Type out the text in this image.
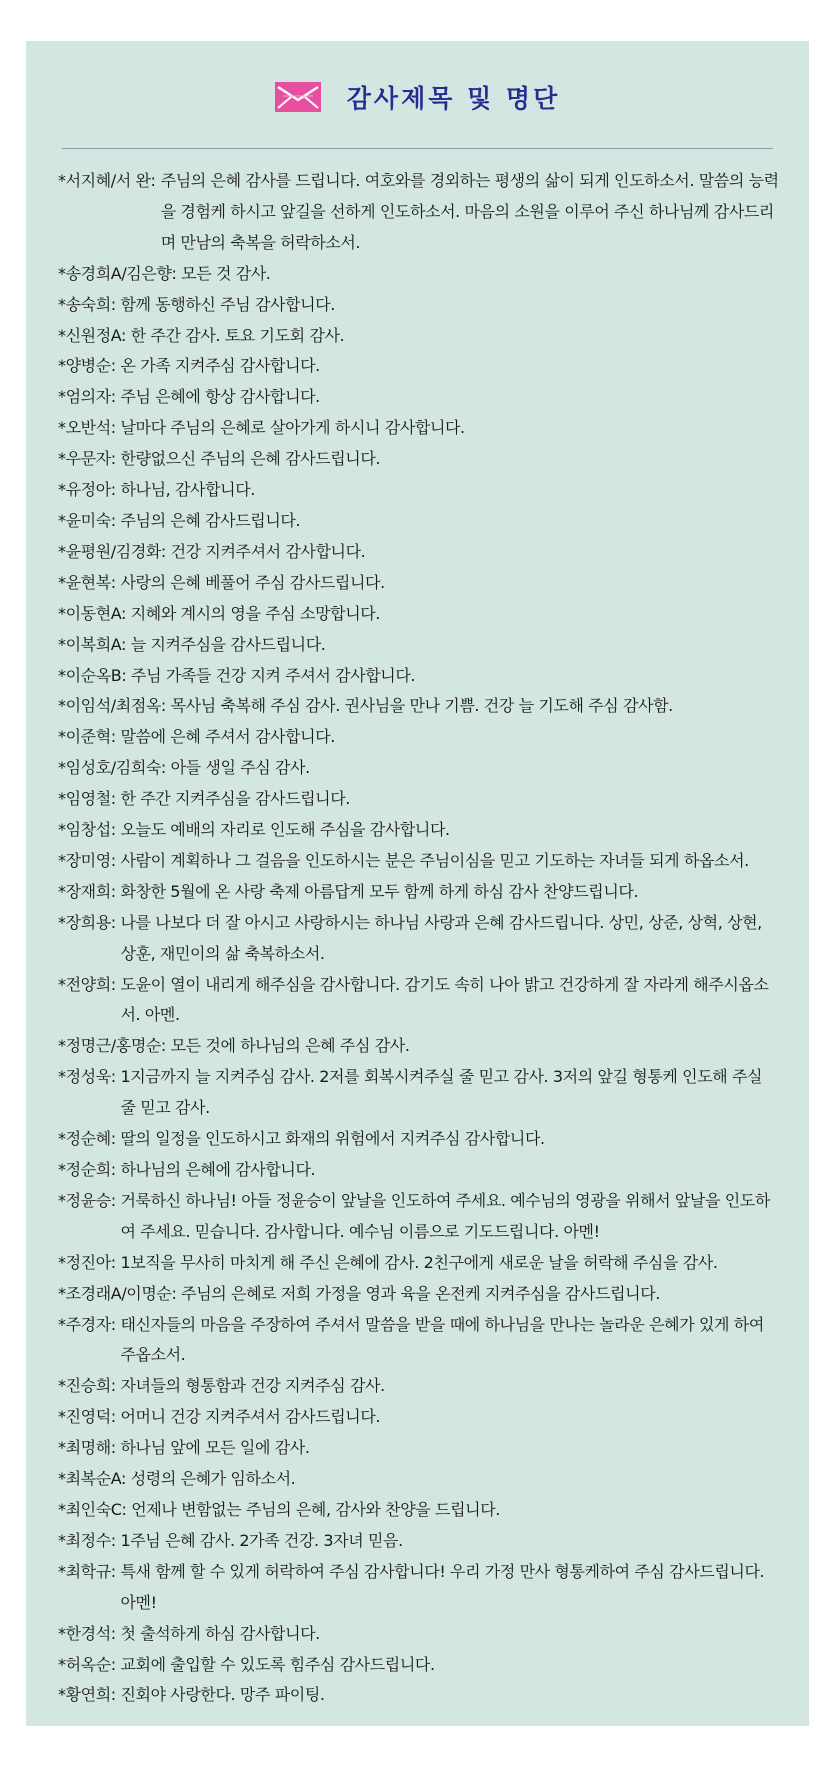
감사제목 및 명단
*서지혜/서 완:
주님의 은혜 감사를 드립니다. 여호와를 경외하는 평생의 삶이 되게 인도하소서. 말씀의 능력을 경험케 하시고 앞길을 선하게 인도하소서. 마음의 소원을 이루어 주신 하나님께 감사드리며 만남의 축복을 허락하소서.
*송경희A/김은향:
모든 것 감사.
*송숙희:
함께 동행하신 주님 감사합니다.
*신원정A:
한 주간 감사. 토요 기도회 감사.
*양병순:
온 가족 지켜주심 감사합니다.
*엄의자:
주님 은혜에 항상 감사합니다.
*오반석:
날마다 주님의 은혜로 살아가게 하시니 감사합니다.
*우문자:
한량없으신 주님의 은혜 감사드립니다.
*유정아:
하나님, 감사합니다.
*윤미숙:
주님의 은혜 감사드립니다.
*윤평원/김경화:
건강 지켜주셔서 감사합니다.
*윤현복:
사랑의 은혜 베풀어 주심 감사드립니다.
*이동현A:
지혜와 계시의 영을 주심 소망합니다.
*이복희A:
늘 지켜주심을 감사드립니다.
*이순옥B:
주님 가족들 건강 지켜 주셔서 감사합니다.
*이임석/최점옥:
목사님 축복해 주심 감사. 권사님을 만나 기쁨. 건강 늘 기도해 주심 감사함.
*이준혁:
말씀에 은혜 주셔서 감사합니다.
*임성호/김희숙:
아들 생일 주심 감사.
*임영철:
한 주간 지켜주심을 감사드립니다.
*임창섭:
오늘도 예배의 자리로 인도해 주심을 감사합니다.
*장미영:
사람이 계획하나 그 걸음을 인도하시는 분은 주님이심을 믿고 기도하는 자녀들 되게 하옵소서.
*장재희:
화창한 5월에 온 사랑 축제 아름답게 모두 함께 하게 하심 감사 찬양드립니다.
*장희용:
나를 나보다 더 잘 아시고 사랑하시는 하나님 사랑과 은혜 감사드립니다. 상민, 상준, 상혁, 상현, 상훈, 재민이의 삶 축복하소서.
*전양희:
도윤이 열이 내리게 해주심을 감사합니다. 감기도 속히 나아 밝고 건강하게 잘 자라게 해주시옵소서. 아멘.
*정명근/홍명순:
모든 것에 하나님의 은혜 주심 감사.
*정성욱:
1지금까지 늘 지켜주심 감사. 2저를 회복시켜주실 줄 믿고 감사. 3저의 앞길 형통케 인도해 주실 줄 믿고 감사.
*정순혜:
딸의 일정을 인도하시고 화재의 위험에서 지켜주심 감사합니다.
*정순희:
하나님의 은혜에 감사합니다.
*정윤승:
거룩하신 하나님! 아들 정윤승이 앞날을 인도하여 주세요. 예수님의 영광을 위해서 앞날을 인도하여 주세요. 믿습니다. 감사합니다. 예수님 이름으로 기도드립니다. 아멘!
*정진아:
1보직을 무사히 마치게 해 주신 은혜에 감사. 2친구에게 새로운 날을 허락해 주심을 감사.
*조경래A/이명순:
주님의 은혜로 저희 가정을 영과 육을 온전케 지켜주심을 감사드립니다.
*주경자:
태신자들의 마음을 주장하여 주셔서 말씀을 받을 때에 하나님을 만나는 놀라운 은혜가 있게 하여 주옵소서.
*진승희:
자녀들의 형통함과 건강 지켜주심 감사.
*진영덕:
어머니 건강 지켜주셔서 감사드립니다.
*최명해:
하나님 앞에 모든 일에 감사.
*최복순A:
성령의 은혜가 임하소서.
*최인숙C:
언제나 변함없는 주님의 은혜, 감사와 찬양을 드립니다.
*최정수:
1주님 은혜 감사. 2가족 건강. 3자녀 믿음.
*최학규:
특새 함께 할 수 있게 허락하여 주심 감사합니다! 우리 가정 만사 형통케하여 주심 감사드립니다. 아멘!
*한경석:
첫 출석하게 하심 감사합니다.
*허옥순:
교회에 출입할 수 있도록 힘주심 감사드립니다.
*황연희:
진회야 사랑한다. 망주 파이팅.
